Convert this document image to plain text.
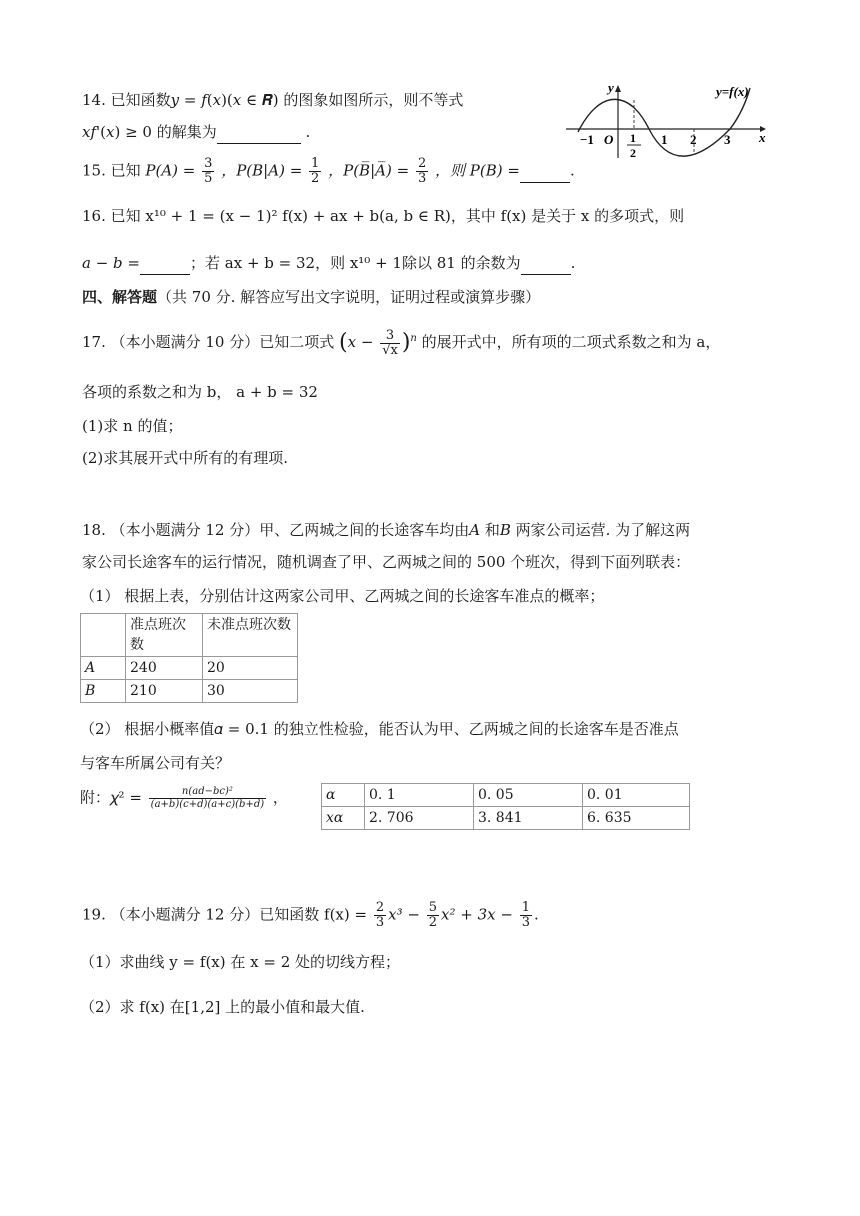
14. 已知函数𝑦 = 𝑓(𝑥)(𝑥 ∈ 𝑹) 的图象如图所示，则不等式
𝑥𝑓'(𝑥) ≥ 0 的解集为	.
y
x
y=f(x)
−1 O 1
2
1 2 3
15. 已知 $P(A) = \frac{3}{5}$ ，$P(B|A) = \frac{1}{2}$ ，P(B̅|A̅) = $\frac{2}{3}$ ，则 P(B) =	.
16. 已知 x¹⁰ + 1 = (x − 1)² f(x) + ax + b(a, b ∈ R)，其中 f(x) 是关于 x 的多项式，则
a − b =	；若 ax + b = 32，则 x¹⁰ + 1除以 81 的余数为	.
四、解答题（共 70 分. 解答应写出文字说明，证明过程或演算步骤）
17. （本小题满分 10 分）已知二项式 $(x - \frac{3}{√x} )^n$ 的展开式中，所有项的二项式系数之和为 a，
各项的系数之和为 b， a + b = 32
(1)求 n 的值；
(2)求其展开式中所有的有理项.
18. （本小题满分 12 分）甲、乙两城之间的长途客车均由𝐴 和𝐵 两家公司运营. 为了解这两
家公司长途客车的运行情况，随机调查了甲、乙两城之间的 500 个班次，得到下面列联表：
（1） 根据上表，分别估计这两家公司甲、乙两城之间的长途客车准点的概率；
	准点班次数	未准点班次数
𝐴	240	20
𝐵	210	30
（2） 根据小概率值𝛼 = 0.1 的独立性检验，能否认为甲、乙两城之间的长途客车是否准点
与客车所属公司有关？
附：𝜒² = $\frac{\text{n(ad−bc)²}}{(a+b)(c+d)(a+c)(b+d)}$ ，	𝛼	0. 1	0. 05	0. 01
𝑥𝛼	2. 706	3. 841	6. 635
19. （本小题满分 12 分）已知函数 $f(x) = \frac{2}{3} x^3 - \frac{5}{2} x^2 + 3x - \frac{1}{3}$ .
（1）求曲线 y = f(x) 在 x = 2 处的切线方程；
（2）求 f(x) 在[1,2] 上的最小值和最大值.
